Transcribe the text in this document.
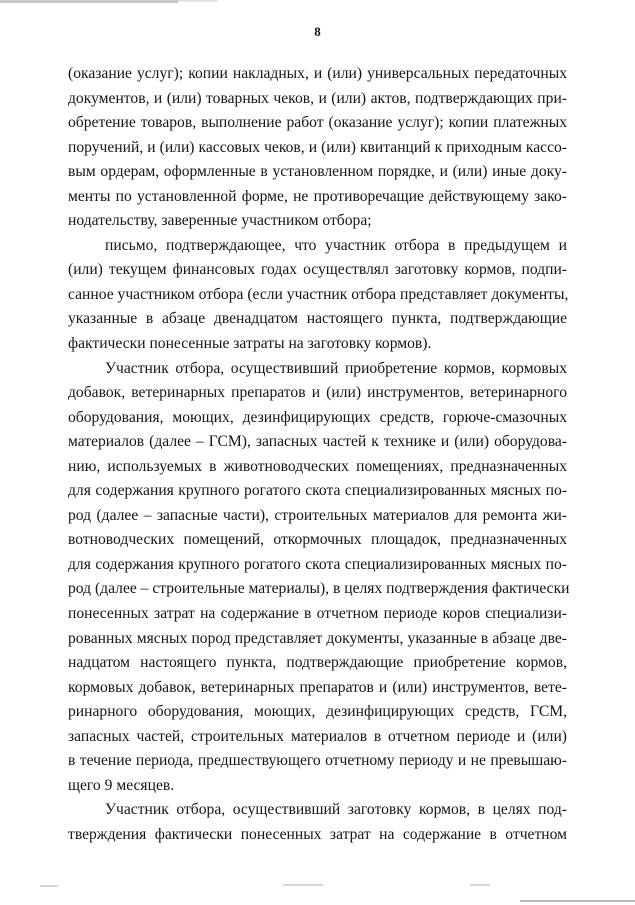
8
(оказание услуг); копии накладных, и (или) универсальных передаточных
документов, и (или) товарных чеков, и (или) актов, подтверждающих при-
обретение товаров, выполнение работ (оказание услуг); копии платежных
поручений, и (или) кассовых чеков, и (или) квитанций к приходным кассо-
вым ордерам, оформленные в установленном порядке, и (или) иные доку-
менты по установленной форме, не противоречащие действующему зако-
нодательству, заверенные участником отбора;
письмо, подтверждающее, что участник отбора в предыдущем и
(или) текущем финансовых годах осуществлял заготовку кормов, подпи-
санное участником отбора (если участник отбора представляет документы,
указанные в абзаце двенадцатом настоящего пункта, подтверждающие
фактически понесенные затраты на заготовку кормов).
Участник отбора, осуществивший приобретение кормов, кормовых
добавок, ветеринарных препаратов и (или) инструментов, ветеринарного
оборудования, моющих, дезинфицирующих средств, горюче-смазочных
материалов (далее – ГСМ), запасных частей к технике и (или) оборудова-
нию, используемых в животноводческих помещениях, предназначенных
для содержания крупного рогатого скота специализированных мясных по-
род (далее – запасные части), строительных материалов для ремонта жи-
вотноводческих помещений, откормочных площадок, предназначенных
для содержания крупного рогатого скота специализированных мясных по-
род (далее – строительные материалы), в целях подтверждения фактически
понесенных затрат на содержание в отчетном периоде коров специализи-
рованных мясных пород представляет документы, указанные в абзаце две-
надцатом настоящего пункта, подтверждающие приобретение кормов,
кормовых добавок, ветеринарных препаратов и (или) инструментов, вете-
ринарного оборудования, моющих, дезинфицирующих средств, ГСМ,
запасных частей, строительных материалов в отчетном периоде и (или)
в течение периода, предшествующего отчетному периоду и не превышаю-
щего 9 месяцев.
Участник отбора, осуществивший заготовку кормов, в целях под-
тверждения фактически понесенных затрат на содержание в отчетном
